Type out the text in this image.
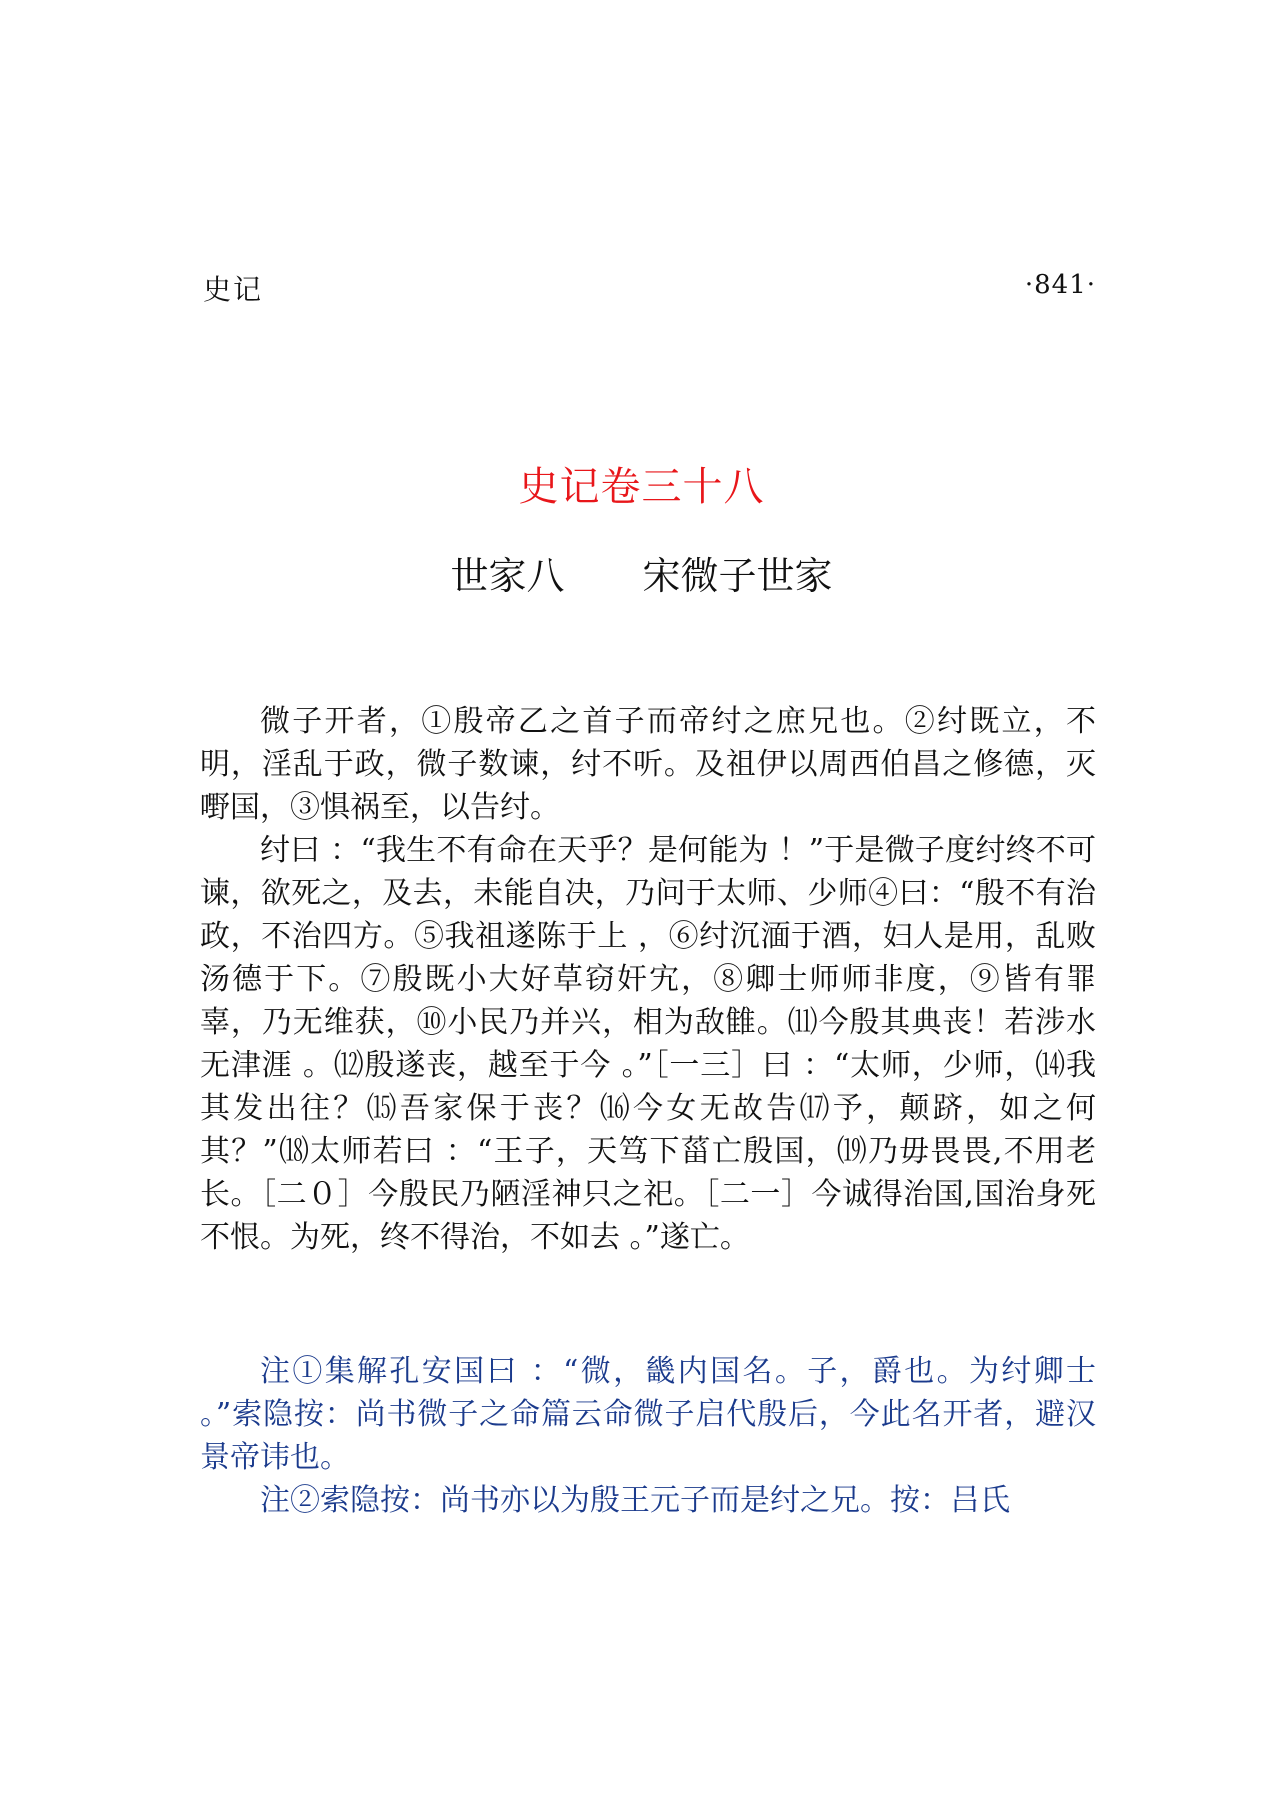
史记	·841·
史记卷三十八
世家八 宋微子世家

微子开者，①殷帝乙之首子而帝纣之庶兄也。②纣既立，不明，淫乱于政，微子数谏，纣不听。及祖伊以周西伯昌之修德，灭嘢国，③惧祸至，以告纣。

纣曰 ：“我生不有命在天乎？是何能为 ！”于是微子度纣终不可谏，欲死之，及去，未能自决，乃问于太师、少师④曰：“殷不有治政，不治四方。⑤我祖遂陈于上 ，⑥纣沉湎于酒，妇人是用，乱败汤德于下。⑦殷既小大好草窃奸宄，⑧卿士师师非度，⑨皆有罪辜，乃无维获，⑩小民乃并兴，相为敌雔。⑾今殷其典丧！若涉水无津涯 。⑿殷遂丧，越至于今 。”［一三］曰 ：“太师，少师，⒁我其发出往？⒂吾家保于丧？⒃今女无故告⒄予，颠跻，如之何其？”⒅太师若曰 ：“王子，天笃下菑亡殷国，⒆乃毋畏畏,不用老长。［二０］今殷民乃陋淫神只之祀。［二一］今诚得治国,国治身死不恨。为死，终不得治，不如去 。”遂亡。

注①集解孔安国曰 ：“微，畿内国名。子，爵也。为纣卿士 。”索隐按：尚书微子之命篇云命微子启代殷后，今此名开者，避汉景帝讳也。

注②索隐按：尚书亦以为殷王元子而是纣之兄。按：吕氏
